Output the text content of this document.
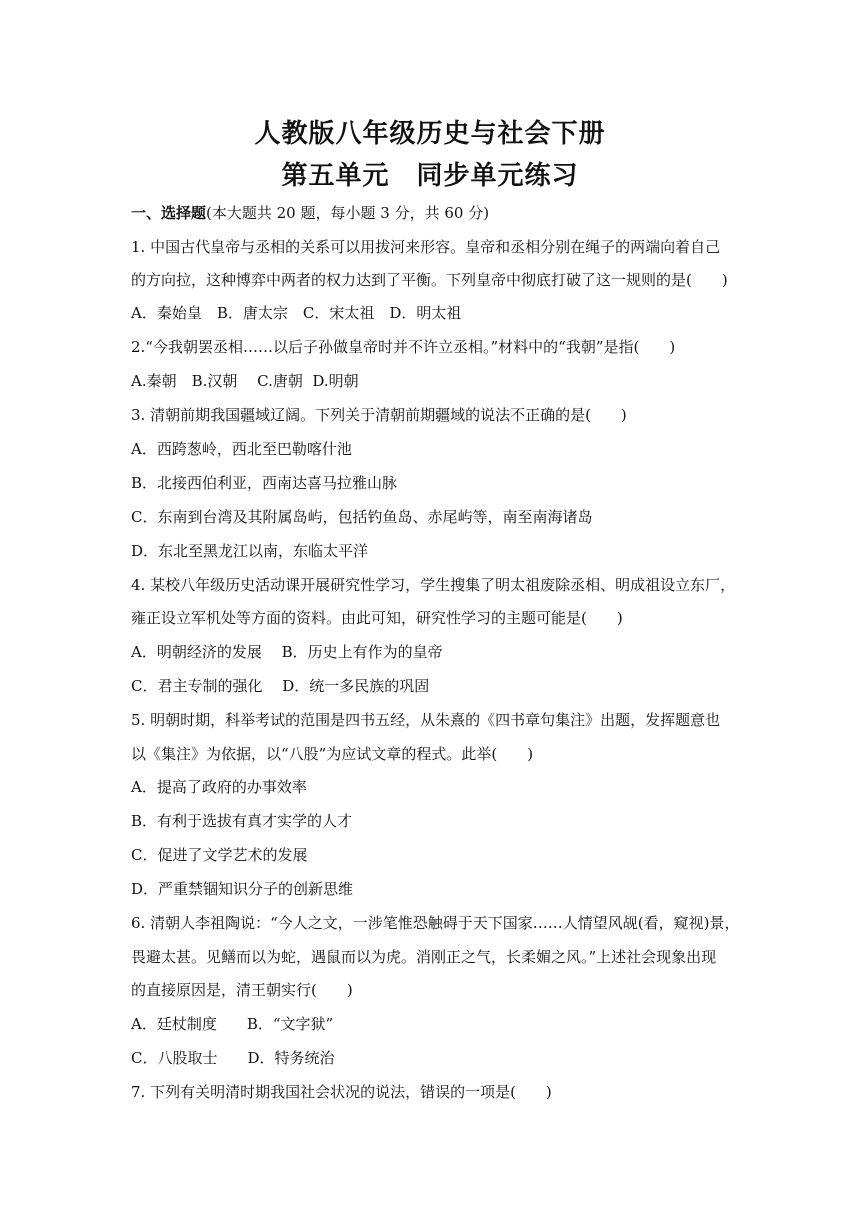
人教版八年级历史与社会下册
第五单元　同步单元练习
一、选择题(本大题共 20 题，每小题 3 分，共 60 分)
1. 中国古代皇帝与丞相的关系可以用拔河来形容。皇帝和丞相分别在绳子的两端向着自己
的方向拉，这种博弈中两者的权力达到了平衡。下列皇帝中彻底打破了这一规则的是(　　)
A．秦始皇　B．唐太宗　C．宋太祖　D．明太祖
2.“今我朝罢丞相……以后子孙做皇帝时并不许立丞相。”材料中的“我朝”是指(　　)
A.秦朝　B.汉朝　 C.唐朝  D.明朝
3. 清朝前期我国疆域辽阔。下列关于清朝前期疆域的说法不正确的是(　　)
A．西跨葱岭，西北至巴勒喀什池
B．北接西伯利亚，西南达喜马拉雅山脉
C．东南到台湾及其附属岛屿，包括钓鱼岛、赤尾屿等，南至南海诸岛
D．东北至黑龙江以南，东临太平洋
4. 某校八年级历史活动课开展研究性学习，学生搜集了明太祖废除丞相、明成祖设立东厂，
雍正设立军机处等方面的资料。由此可知，研究性学习的主题可能是(　　)
A．明朝经济的发展　 B．历史上有作为的皇帝
C．君主专制的强化　 D．统一多民族的巩固
5. 明朝时期，科举考试的范围是四书五经，从朱熹的《四书章句集注》出题，发挥题意也
以《集注》为依据，以“八股”为应试文章的程式。此举(　　)
A．提高了政府的办事效率
B．有利于选拔有真才实学的人才
C．促进了文学艺术的发展
D．严重禁锢知识分子的创新思维
6. 清朝人李祖陶说：“今人之文，一涉笔惟恐触碍于天下国家……人情望风觇(看，窥视)景，
畏避太甚。见鳝而以为蛇，遇鼠而以为虎。消刚正之气，长柔媚之风。”上述社会现象出现
的直接原因是，清王朝实行(　　)
A．廷杖制度　　B．“文字狱”
C．八股取士　　D．特务统治
7. 下列有关明清时期我国社会状况的说法，错误的一项是(　　)
